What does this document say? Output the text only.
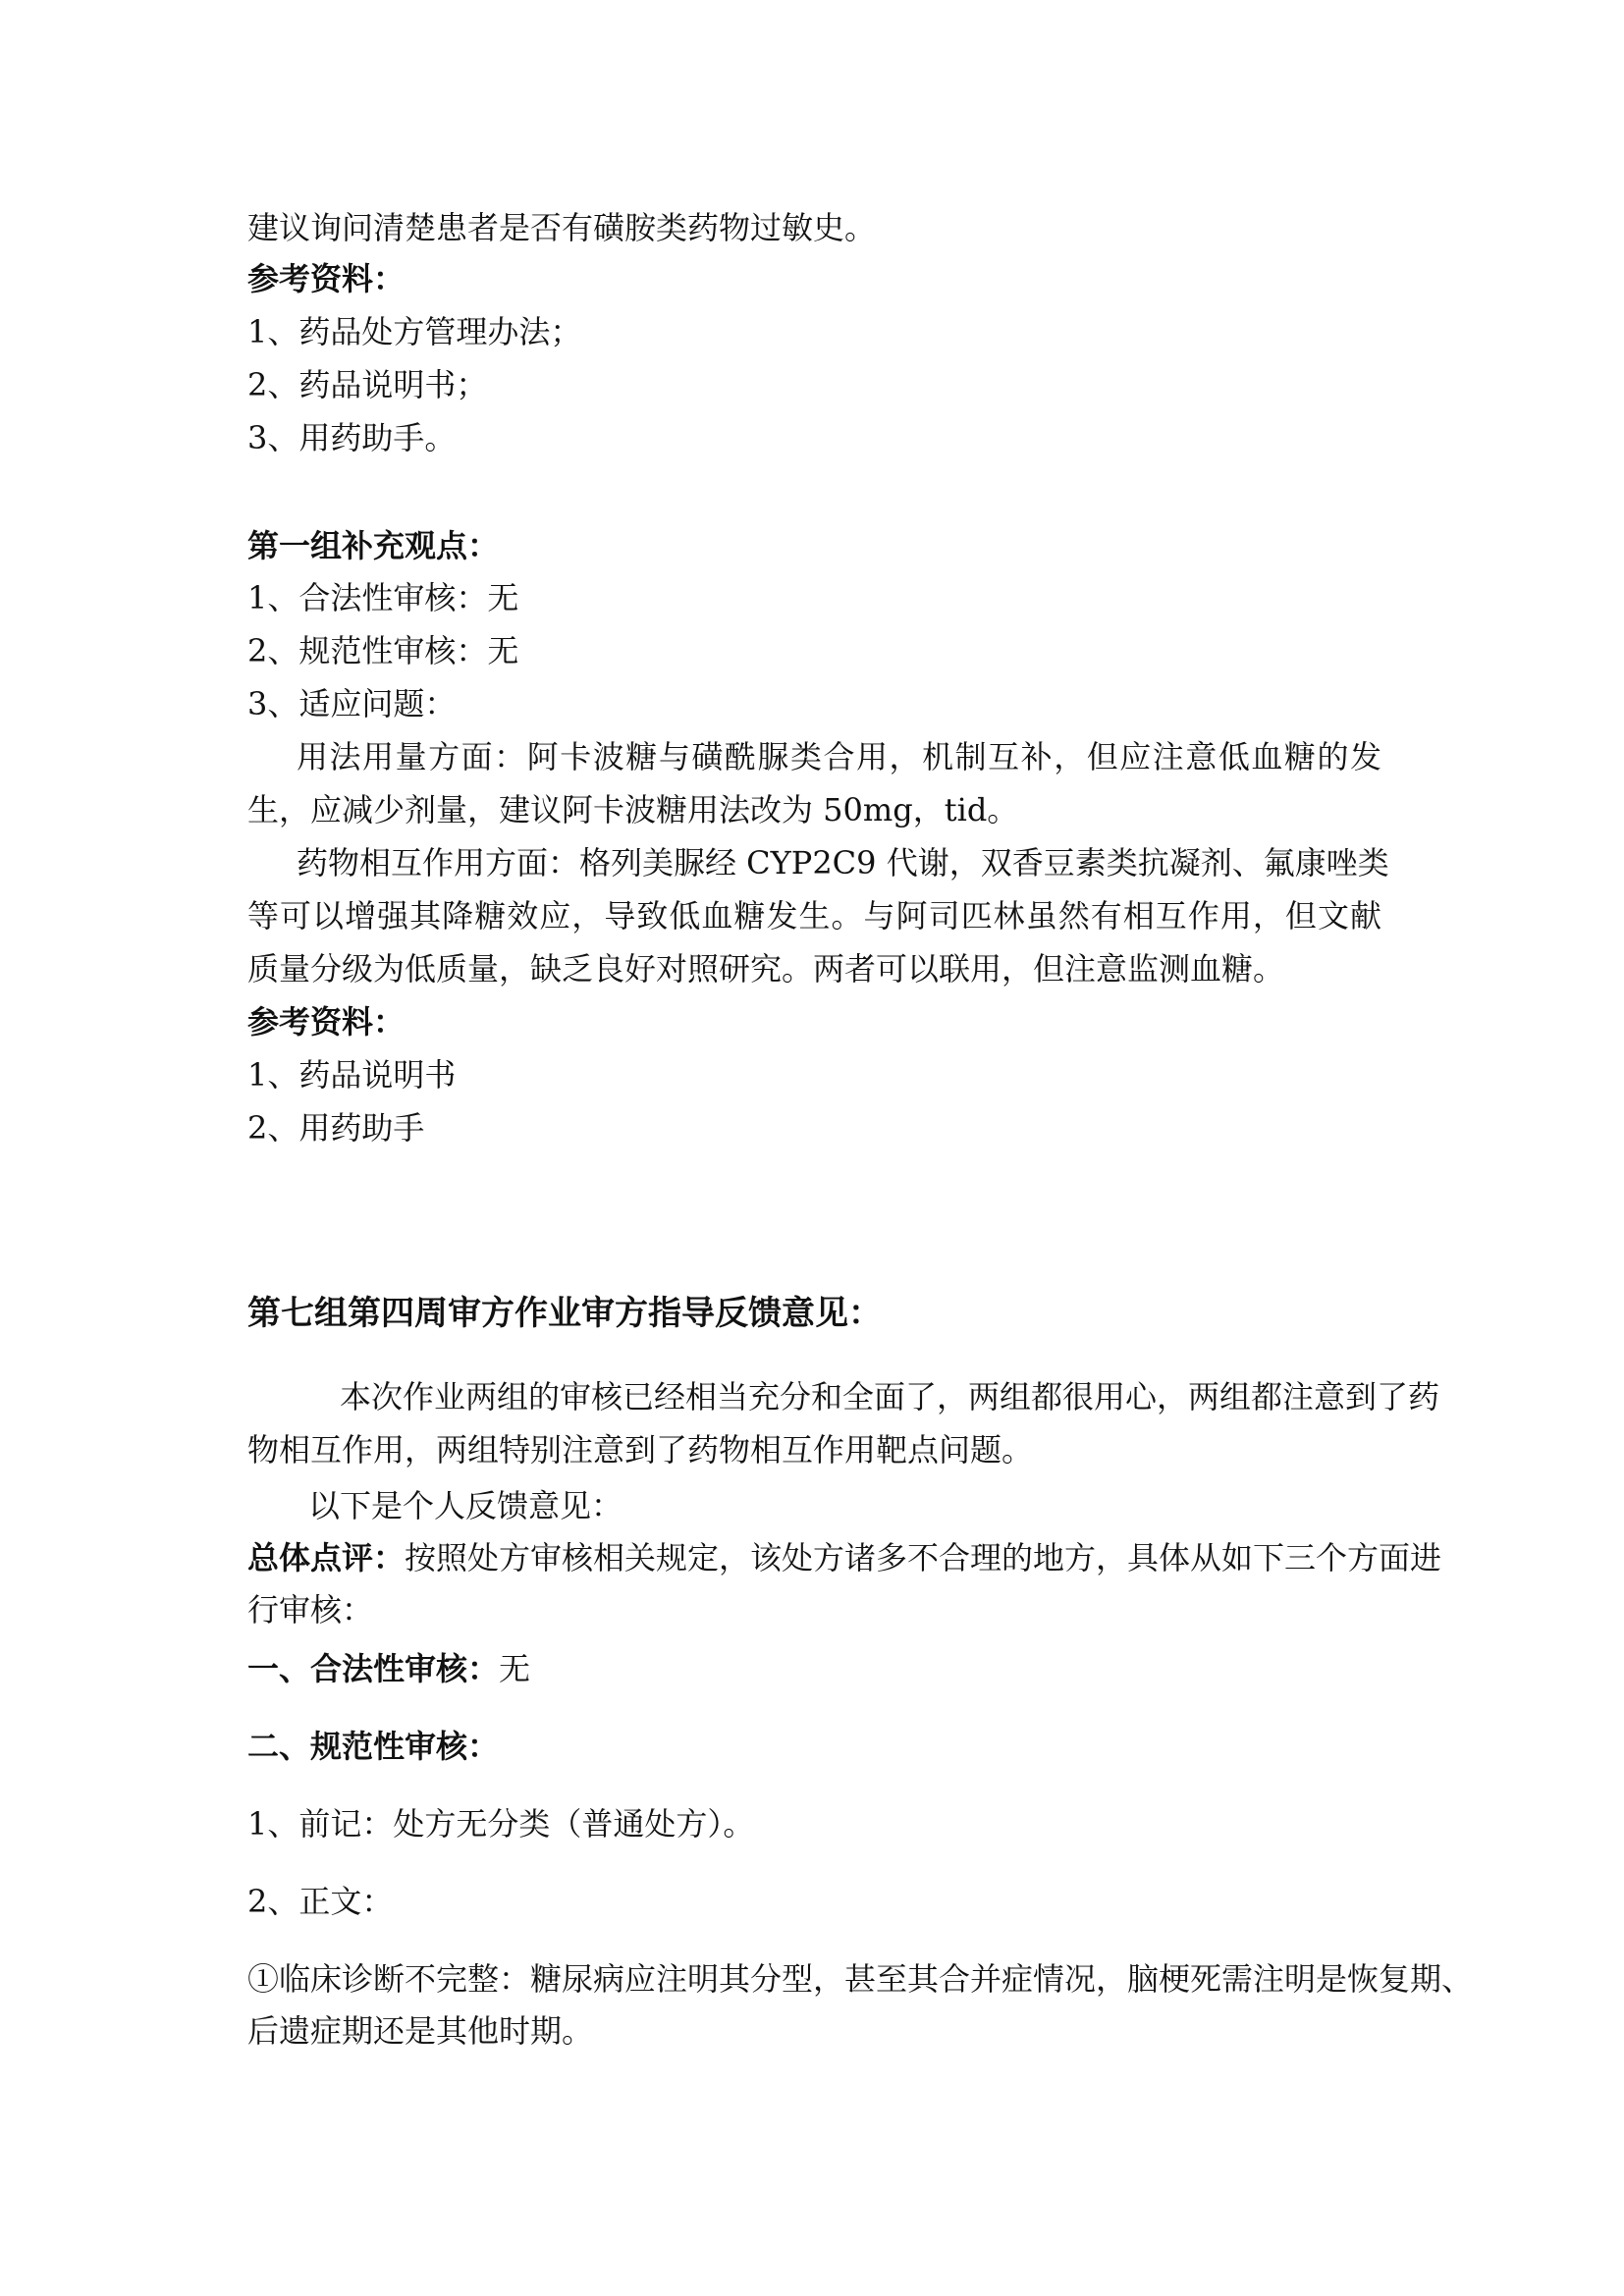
建议询问清楚患者是否有磺胺类药物过敏史。
参考资料：
1、药品处方管理办法；
2、药品说明书；
3、用药助手。
第一组补充观点：
1、合法性审核：无
2、规范性审核：无
3、适应问题：
用法用量方面：阿卡波糖与磺酰脲类合用，机制互补，但应注意低血糖的发
生，应减少剂量，建议阿卡波糖用法改为 50mg，tid。
药物相互作用方面：格列美脲经 CYP2C9 代谢，双香豆素类抗凝剂、氟康唑类
等可以增强其降糖效应，导致低血糖发生。与阿司匹林虽然有相互作用，但文献
质量分级为低质量，缺乏良好对照研究。两者可以联用，但注意监测血糖。
参考资料：
1、药品说明书
2、用药助手
第七组第四周审方作业审方指导反馈意见：
本次作业两组的审核已经相当充分和全面了，两组都很用心，两组都注意到了药
物相互作用，两组特别注意到了药物相互作用靶点问题。
以下是个人反馈意见：
总体点评：按照处方审核相关规定，该处方诸多不合理的地方，具体从如下三个方面进
行审核：
一、合法性审核：无
二、规范性审核：
1、前记：处方无分类（普通处方）。
2、正文：
①临床诊断不完整：糖尿病应注明其分型，甚至其合并症情况，脑梗死需注明是恢复期、
后遗症期还是其他时期。
